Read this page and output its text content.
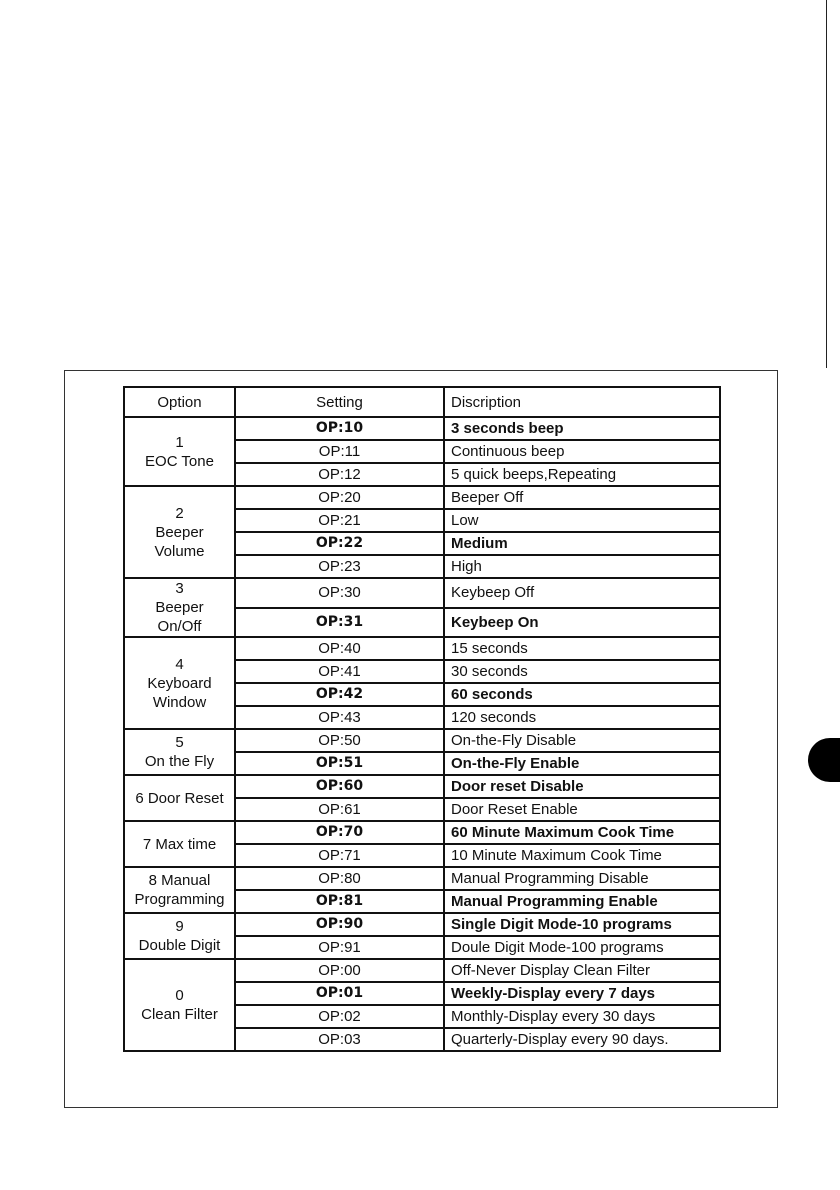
Option	Setting	Discription

1
EOC Tone	OP:10	3 seconds beep
	OP:11	Continuous beep
	OP:12	5 quick beeps,Repeating

2
Beeper
Volume	OP:20	Beeper Off
	OP:21	Low
	OP:22	Medium
	OP:23	High

3
Beeper
On/Off	OP:30	Keybeep Off
	OP:31	Keybeep On

4
Keyboard
Window	OP:40	15 seconds
	OP:41	30 seconds
	OP:42	60 seconds
	OP:43	120 seconds

5
On the Fly	OP:50	On-the-Fly Disable
	OP:51	On-the-Fly Enable

6 Door Reset	OP:60	Door reset Disable
	OP:61	Door Reset Enable

7 Max time	OP:70	60 Minute Maximum Cook Time
	OP:71	10 Minute Maximum Cook Time

8 Manual
Programming	OP:80	Manual Programming Disable
	OP:81	Manual Programming Enable

9
Double Digit	OP:90	Single Digit Mode-10 programs
	OP:91	Doule Digit Mode-100 programs

0
Clean Filter	OP:00	Off-Never Display Clean Filter
	OP:01	Weekly-Display every 7 days
	OP:02	Monthly-Display every 30 days
	OP:03	Quarterly-Display every 90 days.
